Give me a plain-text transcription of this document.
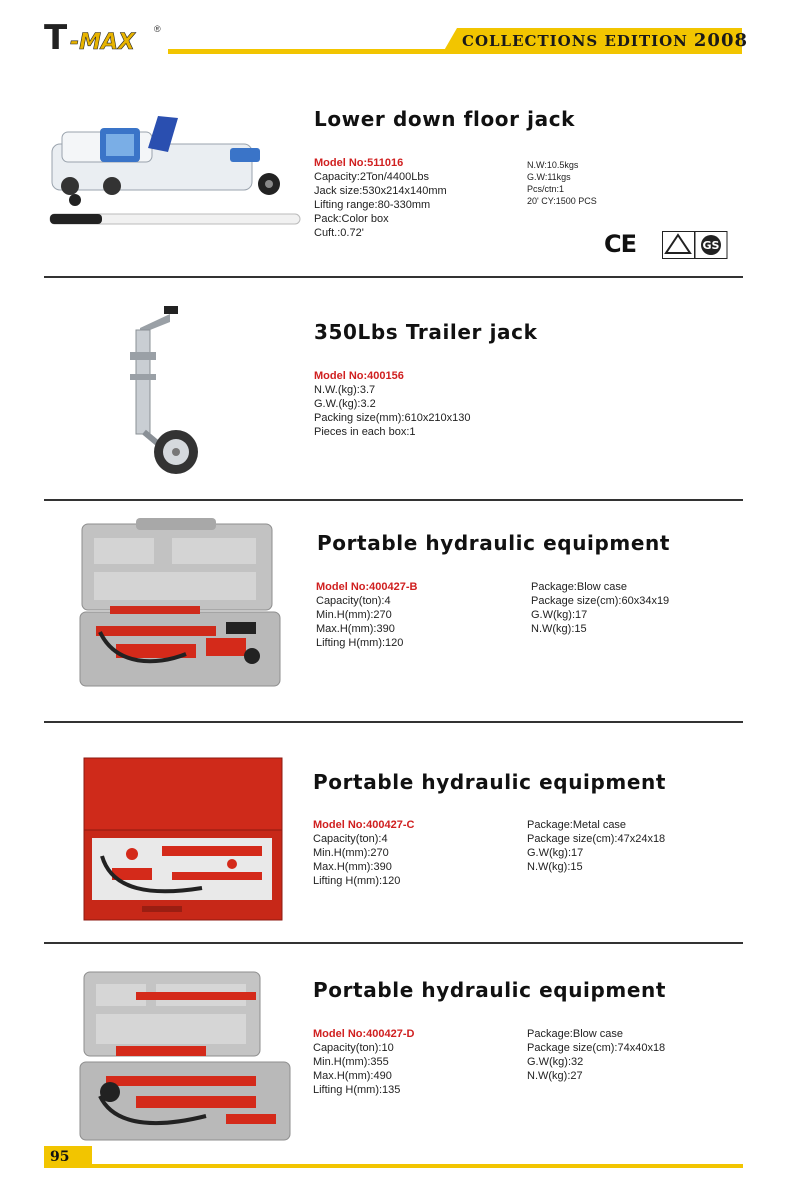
T -MAX
®
COLLECTIONS EDITION 2008
Lower down floor jack
Model No:511016
Capacity:2Ton/4400Lbs
Jack size:530x214x140mm
Lifting range:80-330mm
Pack:Color box
Cuft.:0.72'
N.W:10.5kgs
G.W:11kgs
Pcs/ctn:1
20' CY:1500 PCS
CE	GS
350Lbs Trailer jack
Model No:400156
N.W.(kg):3.7
G.W.(kg):3.2
Packing size(mm):610x210x130
Pieces in each box:1
Portable hydraulic equipment
Model No:400427-B
Capacity(ton):4
Min.H(mm):270
Max.H(mm):390
Lifting H(mm):120
Package:Blow case
Package size(cm):60x34x19
G.W(kg):17
N.W(kg):15
Portable hydraulic equipment
Model No:400427-C
Capacity(ton):4
Min.H(mm):270
Max.H(mm):390
Lifting H(mm):120
Package:Metal case
Package size(cm):47x24x18
G.W(kg):17
N.W(kg):15
Portable hydraulic equipment
Model No:400427-D
Capacity(ton):10
Min.H(mm):355
Max.H(mm):490
Lifting H(mm):135
Package:Blow case
Package size(cm):74x40x18
G.W(kg):32
N.W(kg):27
95
